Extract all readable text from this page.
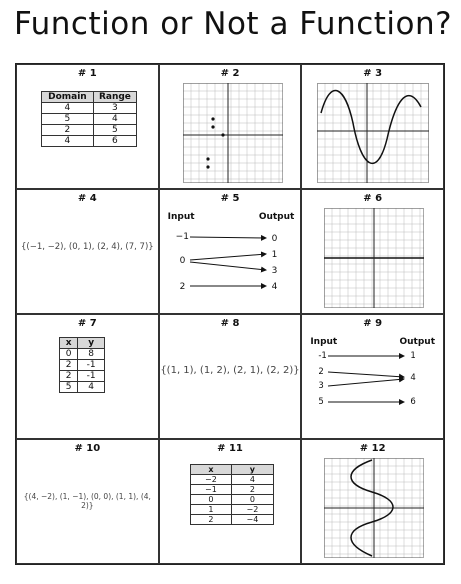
Function or Not a Function?
# 1
Domain	Range
4	3
5	4
2	5
4	6
# 2	# 3
# 4
{(−1, −2), (0, 1), (2, 4), (7, 7)}
# 5
Input	Output
−1
0
2
0
1
3
4
# 6
# 7
x	y
0	8
2	-1
2	-1
5	4
# 8
{(1, 1), (1, 2), (2, 1), (2, 2)}
# 9
Input	Output
-1
2
3
5
1
4
6
# 10
{(4, −2), (1, −1), (0, 0), (1, 1), (4, 2)}
# 11
x	y
−2	4
−1	2
0	0
1	−2
2	−4
# 12
